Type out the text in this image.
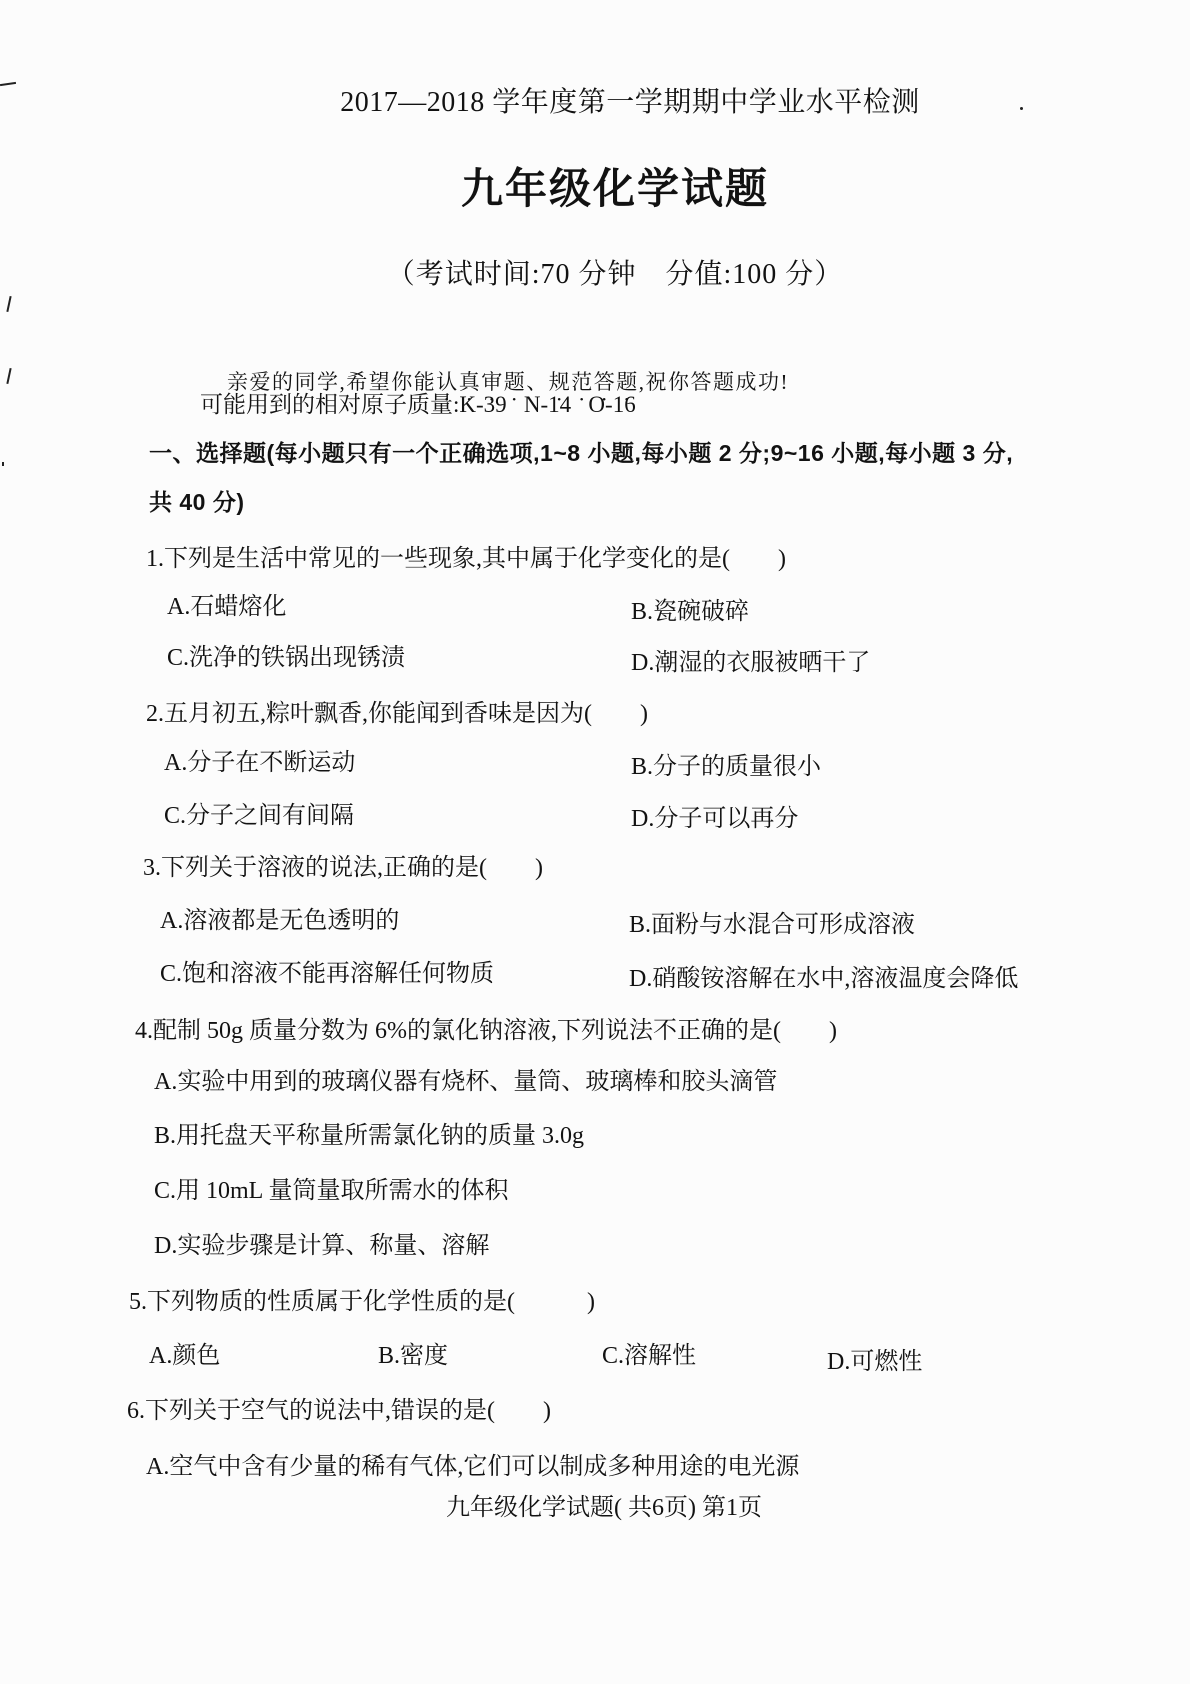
2017—2018 学年度第一学期期中学业水平检测
九年级化学试题
（考试时间:70 分钟　分值:100 分）

亲爱的同学,希望你能认真审题、规范答题,祝你答题成功!

可能用到的相对原子质量:K-39   N-14   O-16
一、选择题(每小题只有一个正确选项,1~8 小题,每小题 2 分;9~16 小题,每小题 3 分,
共 40 分)
1.下列是生活中常见的一些现象,其中属于化学变化的是(　　)
A.石蜡熔化	B.瓷碗破碎
C.洗净的铁锅出现锈渍	D.潮湿的衣服被晒干了
2.五月初五,粽叶飘香,你能闻到香味是因为(　　)
A.分子在不断运动	B.分子的质量很小
C.分子之间有间隔	D.分子可以再分
3.下列关于溶液的说法,正确的是(　　)
A.溶液都是无色透明的	B.面粉与水混合可形成溶液
C.饱和溶液不能再溶解任何物质	D.硝酸铵溶解在水中,溶液温度会降低
4.配制 50g 质量分数为 6%的氯化钠溶液,下列说法不正确的是(　　)
A.实验中用到的玻璃仪器有烧杯、量筒、玻璃棒和胶头滴管
B.用托盘天平称量所需氯化钠的质量 3.0g
C.用 10mL 量筒量取所需水的体积
D.实验步骤是计算、称量、溶解
5.下列物质的性质属于化学性质的是(　　　)
A.颜色	B.密度	C.溶解性	D.可燃性
6.下列关于空气的说法中,错误的是(　　)
A.空气中含有少量的稀有气体,它们可以制成多种用途的电光源
九年级化学试题( 共6页) 第1页
